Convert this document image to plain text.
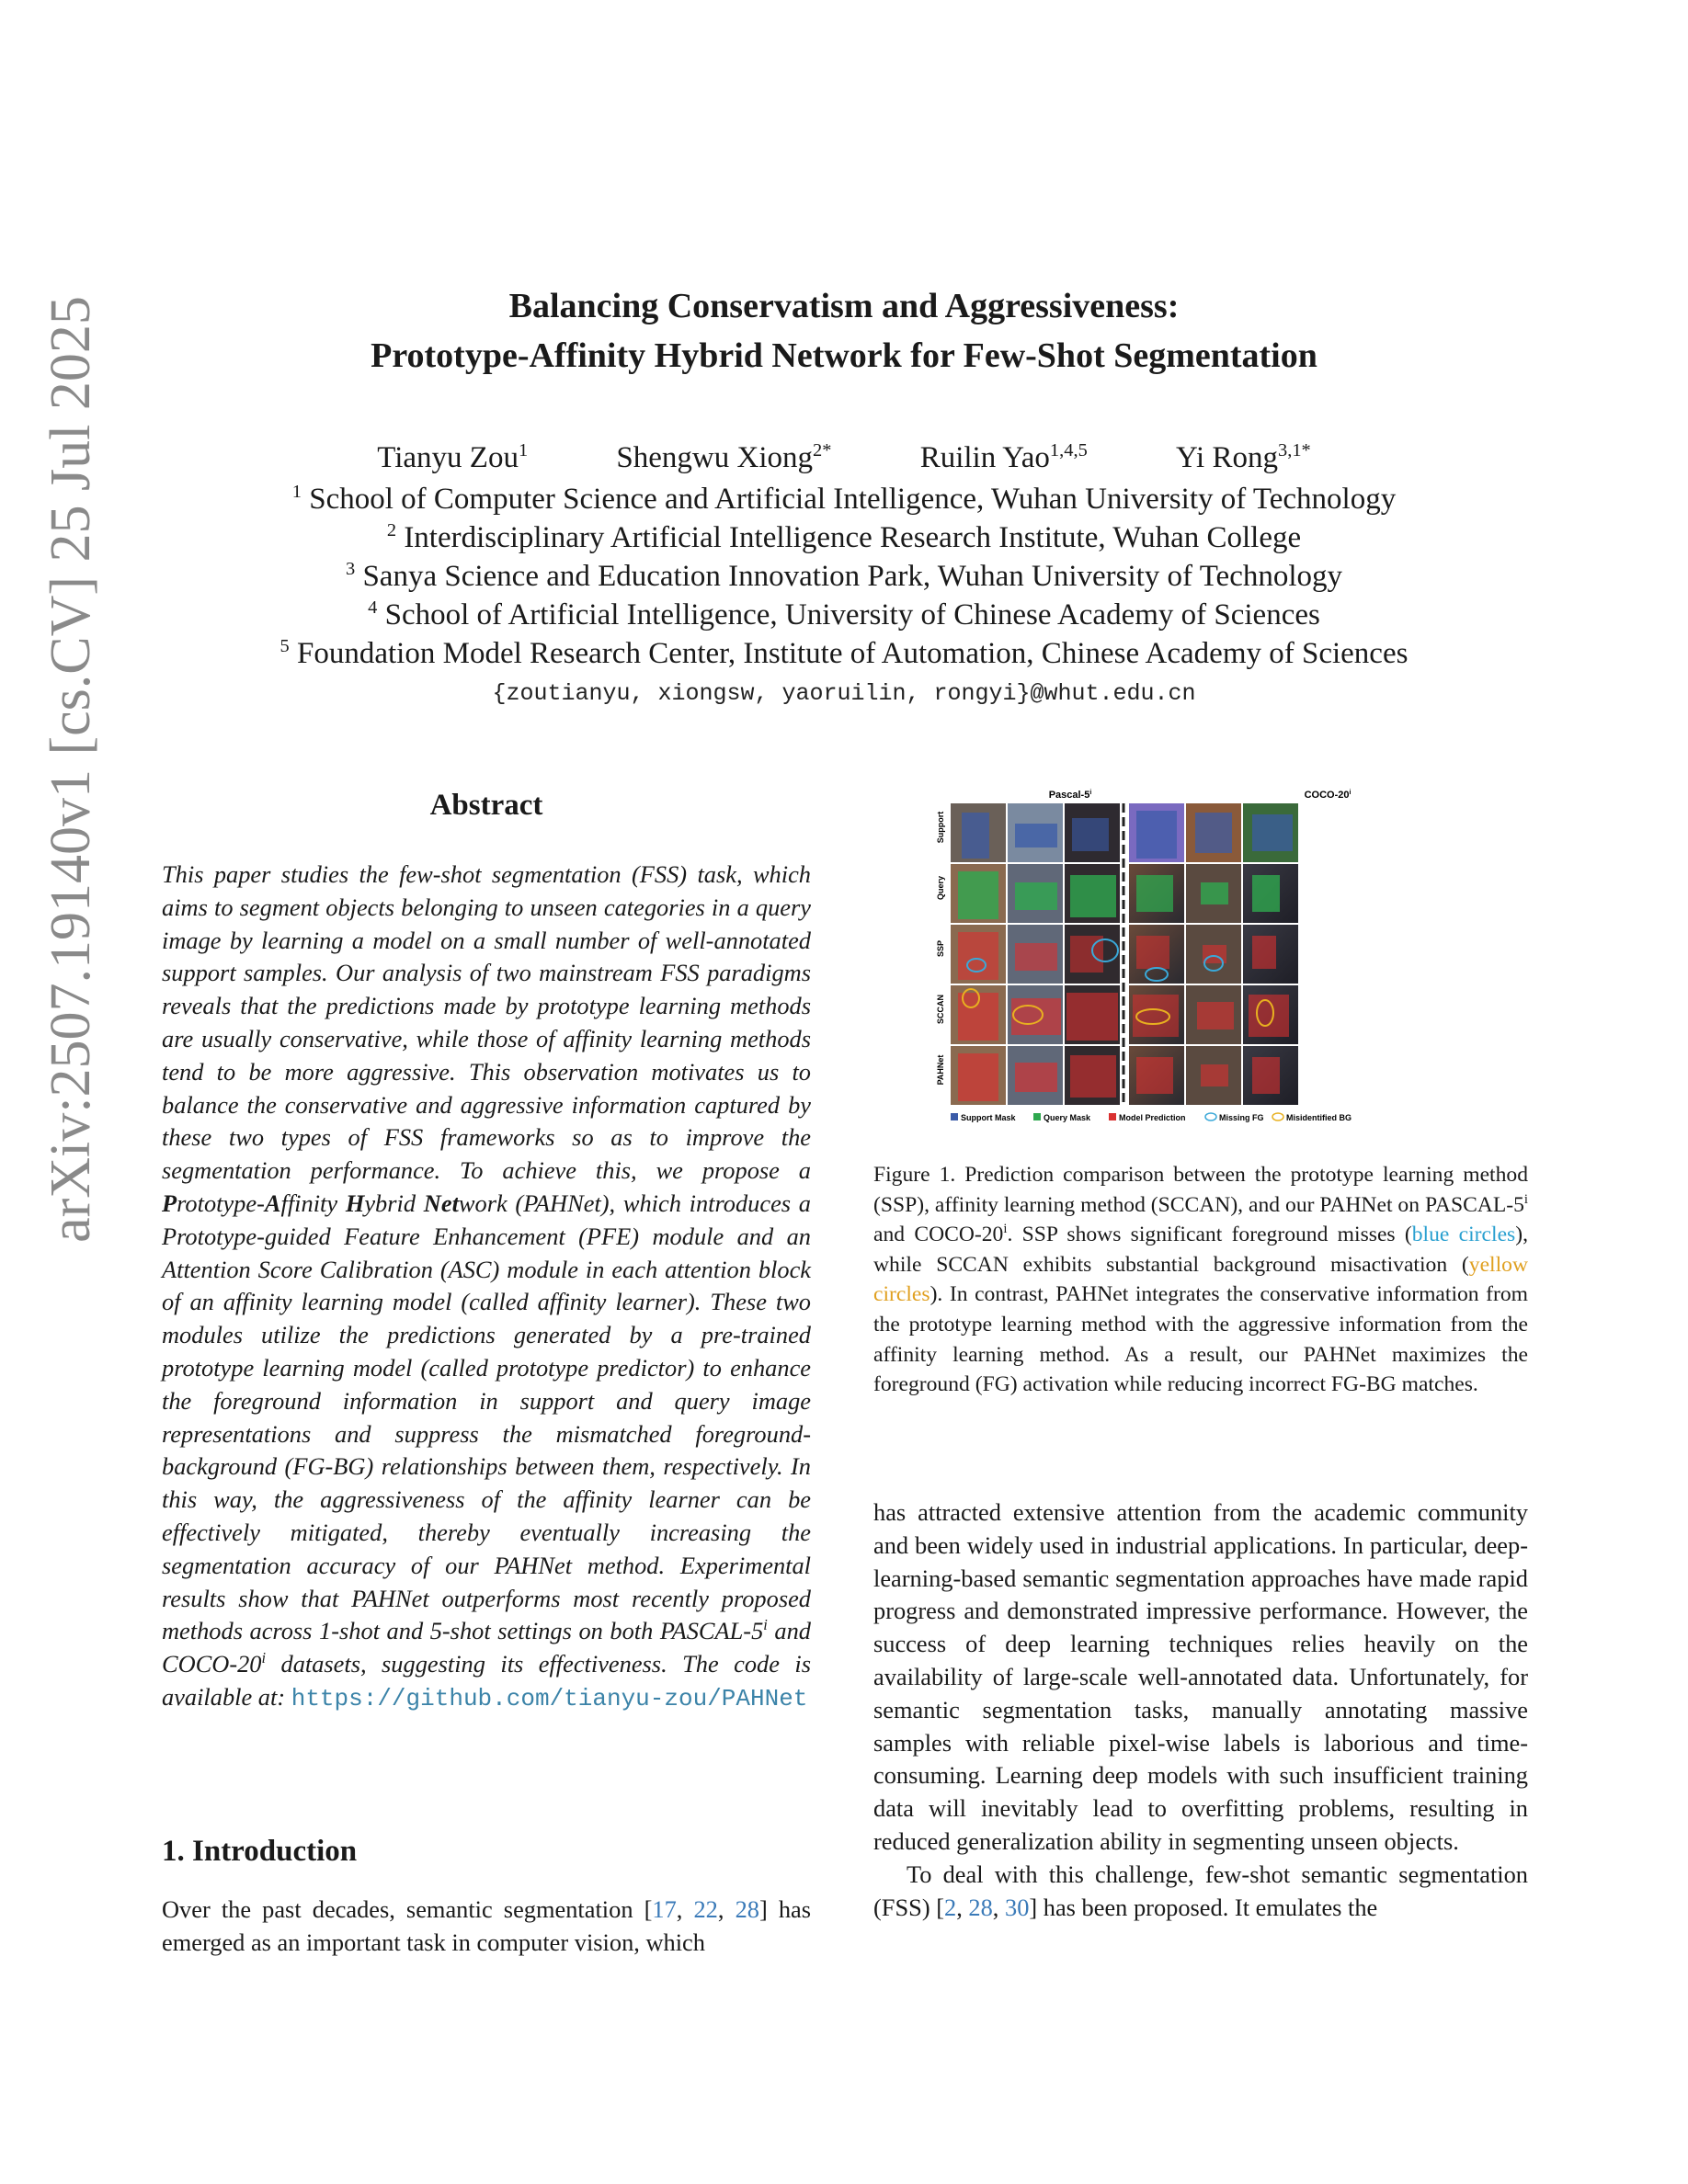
Balancing Conservatism and Aggressiveness:
Prototype-Affinity Hybrid Network for Few-Shot Segmentation
Tianyu Zou$^1$	Shengwu Xiong$^{2*}$	Ruilin Yao$^{1,4,5}$	Yi Rong$^{3,1*}$
$^1$ School of Computer Science and Artificial Intelligence, Wuhan University of Technology
$^2$ Interdisciplinary Artificial Intelligence Research Institute, Wuhan College
$^3$ Sanya Science and Education Innovation Park, Wuhan University of Technology
$^4$ School of Artificial Intelligence, University of Chinese Academy of Sciences
$^5$ Foundation Model Research Center, Institute of Automation, Chinese Academy of Sciences
{zoutianyu, xiongsw, yaoruilin, rongyi}@whut.edu.cn
arXiv:2507.19140v1 [cs.CV] 25 Jul 2025	Abstract
This paper studies the few-shot segmentation (FSS) task, which aims to segment objects belonging to unseen categories in a query image by learning a model on a small number of well-annotated support samples. Our analysis of two mainstream FSS paradigms reveals that the predictions made by prototype learning methods are usually conservative, while those of affinity learning methods tend to be more aggressive. This observation motivates us to balance the conservative and aggressive information captured by these two types of FSS frameworks so as to improve the segmentation performance. To achieve this, we propose a Prototype-Affinity Hybrid Network (PAHNet), which introduces a Prototype-guided Feature Enhancement (PFE) module and an Attention Score Calibration (ASC) module in each attention block of an affinity learning model (called affinity learner). These two modules utilize the predictions generated by a pre-trained prototype learning model (called prototype predictor) to enhance the foreground information in support and query image representations and suppress the mismatched foreground-background (FG-BG) relationships between them, respectively. In this way, the aggressiveness of the affinity learner can be effectively mitigated, thereby eventually increasing the segmentation accuracy of our PAHNet method. Experimental results show that PAHNet outperforms most recently proposed methods across 1-shot and 5-shot settings on both PASCAL-5$^i$ and COCO-20$^i$ datasets, suggesting its effectiveness. The code is available at: https://github.com/tianyu-zou/PAHNet
1. Introduction
Over the past decades, semantic segmentation [17, 22, 28] has emerged as an important task in computer vision, which
Pascal-5$^i$	COCO-20$^i$
Support
Query
SSP
SCCAN
PAHNet
Support Mask	Query Mask	Model Prediction	Missing FG	Misidentified BG
Figure 1. Prediction comparison between the prototype learning method (SSP), affinity learning method (SCCAN), and our PAHNet on PASCAL-5$^i$ and COCO-20$^i$. SSP shows significant foreground misses (blue circles), while SCCAN exhibits substantial background misactivation (yellow circles). In contrast, PAHNet integrates the conservative information from the prototype learning method with the aggressive information from the affinity learning method. As a result, our PAHNet maximizes the foreground (FG) activation while reducing incorrect FG-BG matches.

has attracted extensive attention from the academic community and been widely used in industrial applications. In particular, deep-learning-based semantic segmentation approaches have made rapid progress and demonstrated impressive performance. However, the success of deep learning techniques relies heavily on the availability of large-scale well-annotated data. Unfortunately, for semantic segmentation tasks, manually annotating massive samples with reliable pixel-wise labels is laborious and time-consuming. Learning deep models with such insufficient training data will inevitably lead to overfitting problems, resulting in reduced generalization ability in segmenting unseen objects.

To deal with this challenge, few-shot semantic segmentation (FSS) [2, 28, 30] has been proposed. It emulates the
